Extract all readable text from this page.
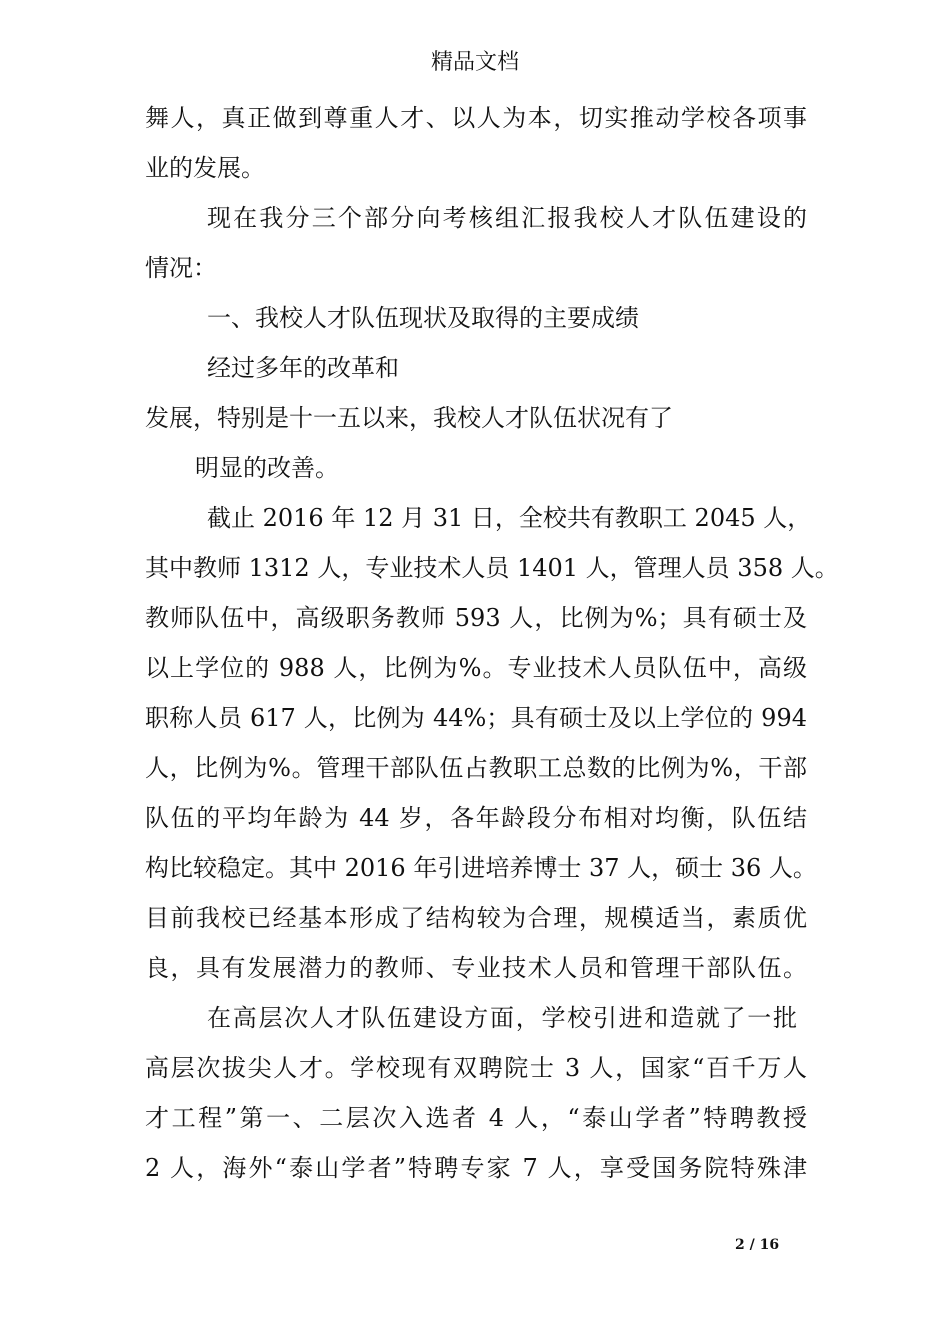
精品文档
舞人，真正做到尊重人才、以人为本，切实推动学校各项事
业的发展。
现在我分三个部分向考核组汇报我校人才队伍建设的
情况：
一、我校人才队伍现状及取得的主要成绩
经过多年的改革和
发展，特别是十一五以来，我校人才队伍状况有了
明显的改善。
截止 2016 年 12 月 31 日，全校共有教职工 2045 人，
其中教师 1312 人，专业技术人员 1401 人，管理人员 358 人。
教师队伍中，高级职务教师 593 人，比例为%；具有硕士及
以上学位的 988 人，比例为%。专业技术人员队伍中，高级
职称人员 617 人，比例为 44%；具有硕士及以上学位的 994
人，比例为%。管理干部队伍占教职工总数的比例为%，干部
队伍的平均年龄为 44 岁，各年龄段分布相对均衡，队伍结
构比较稳定。其中 2016 年引进培养博士 37 人，硕士 36 人。
目前我校已经基本形成了结构较为合理，规模适当，素质优
良，具有发展潜力的教师、专业技术人员和管理干部队伍。
在高层次人才队伍建设方面，学校引进和造就了一批
高层次拔尖人才。学校现有双聘院士 3 人，国家“百千万人
才工程”第一、二层次入选者 4 人，“泰山学者”特聘教授
2 人，海外“泰山学者”特聘专家 7 人，享受国务院特殊津
2 / 16
